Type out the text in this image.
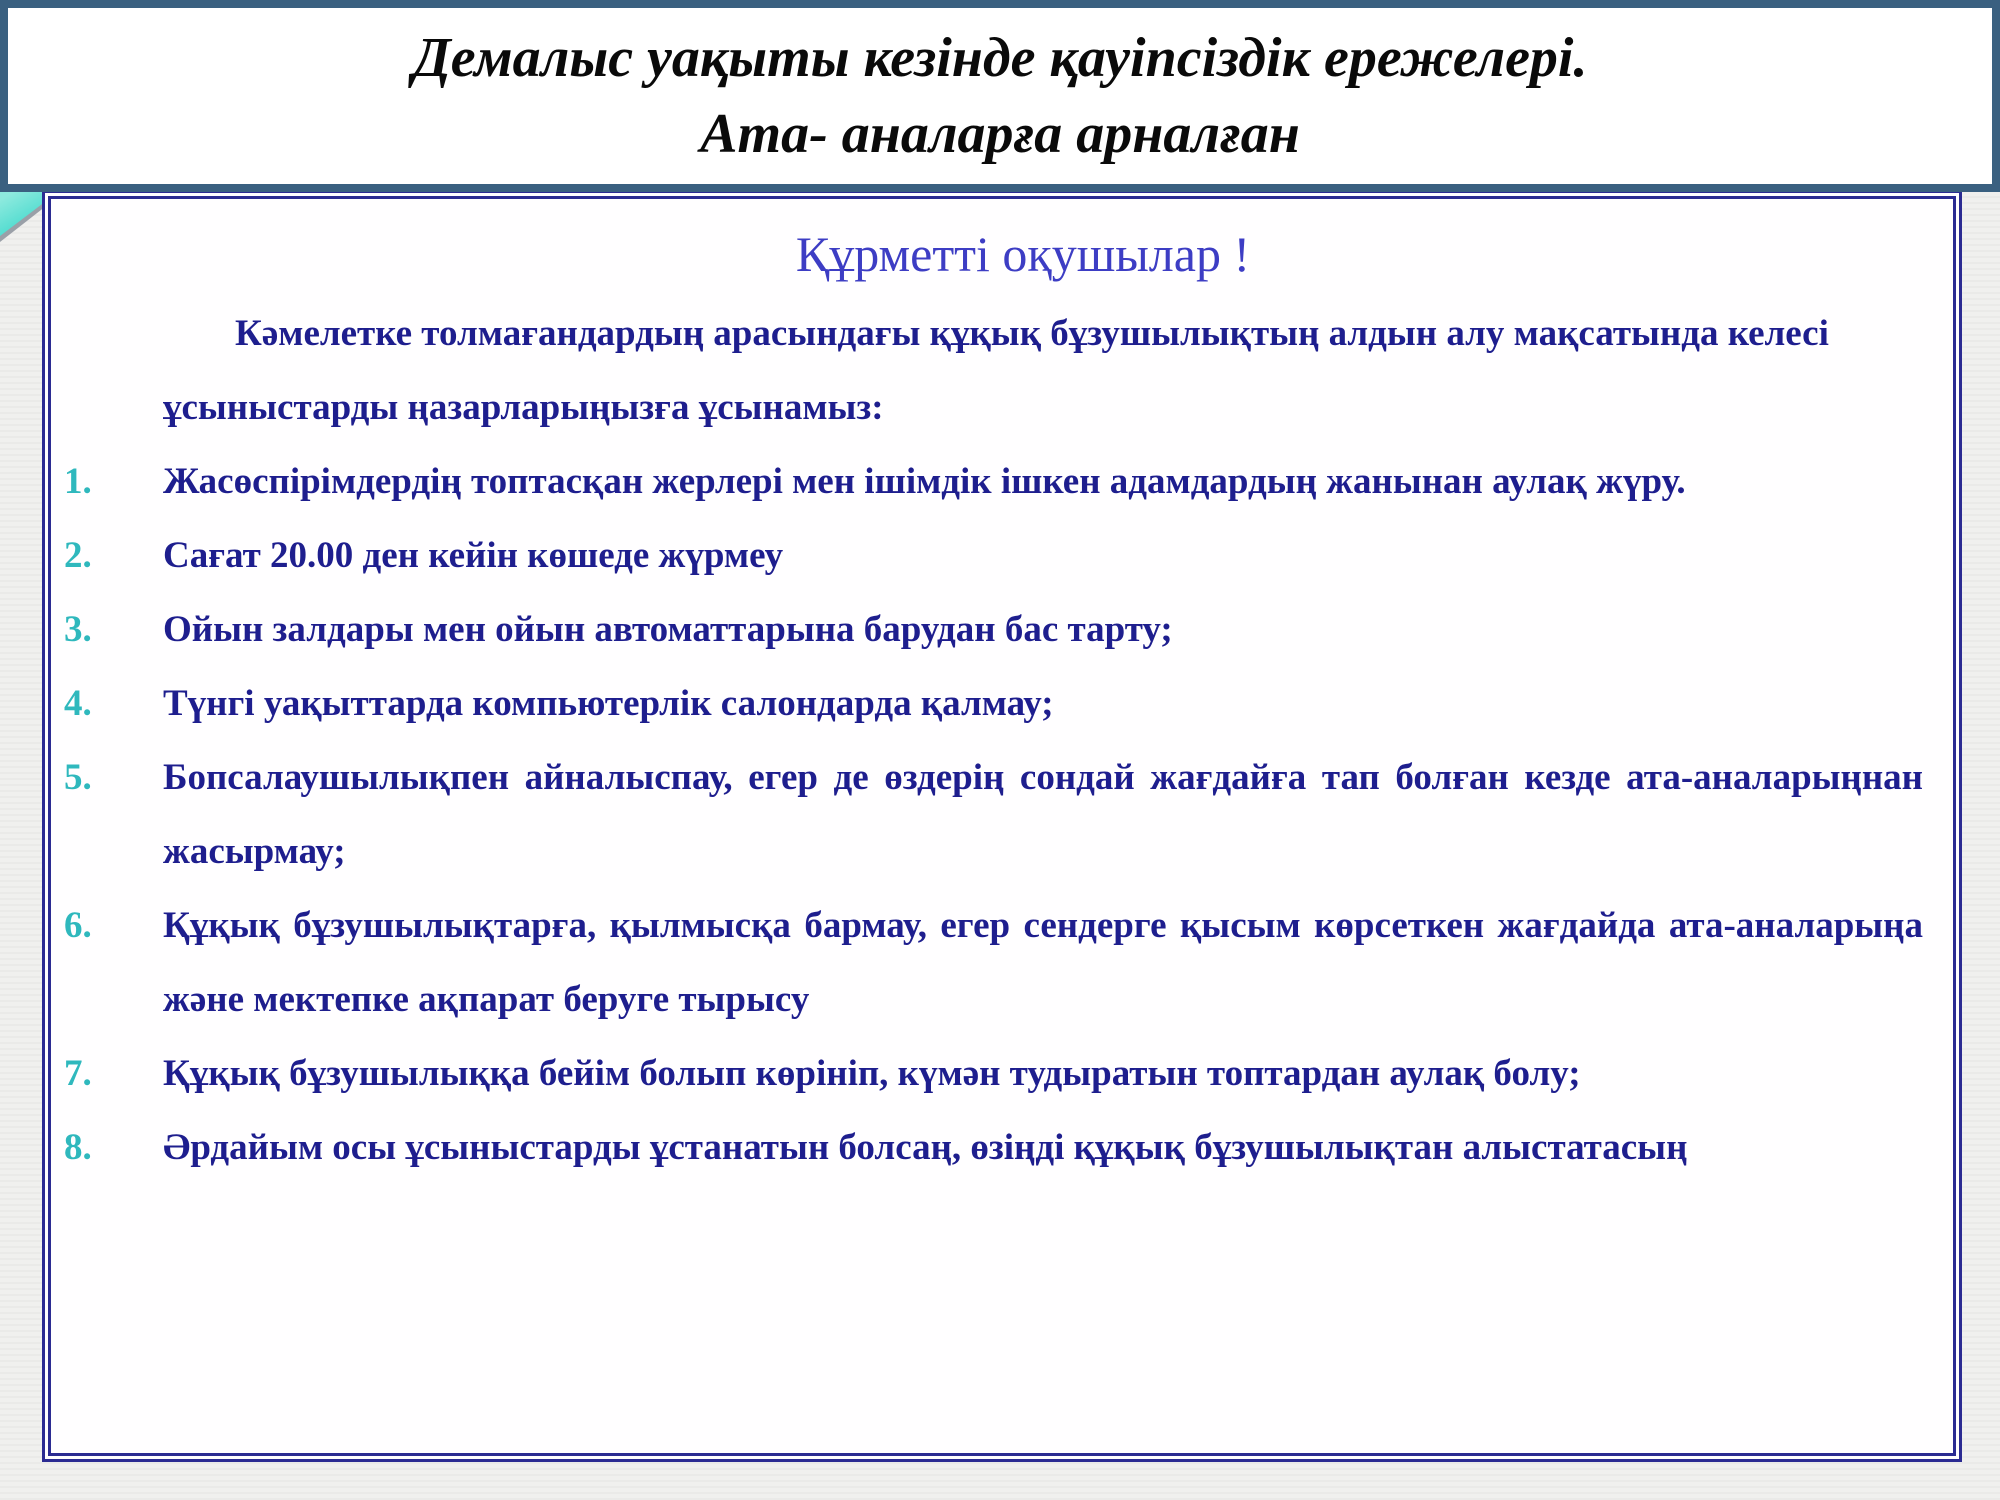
Демалыс уақыты кезінде қауіпсіздік ережелері.
Ата- аналарға арналған
Құрметті оқушылар !

Кәмелетке толмағандардың арасындағы құқық бұзушылықтың алдын алу мақсатында келесі ұсыныстарды ңазарларыңызға ұсынамыз:

1.	Жасөспірімдердің топтасқан жерлері мен ішімдік ішкен адамдардың жанынан аулақ жүру.
2.	Сағат 20.00 ден кейін көшеде жүрмеу
3.	Ойын залдары мен ойын автоматтарына барудан бас тарту;
4.	Түнгі уақыттарда компьютерлік салондарда қалмау;
5.	Бопсалаушылықпен айналыспау, егер де өздерің сондай жағдайға тап болған кезде ата-аналарыңнан жасырмау;
6.	Құқық бұзушылықтарға, қылмысқа бармау, егер сендерге қысым көрсеткен жағдайда ата-аналарыңа және мектепке ақпарат беруге тырысу
7.	Құқық бұзушылыққа бейім болып көрініп, күмән тудыратын топтардан аулақ болу;
8.	Әрдайым осы ұсыныстарды ұстанатын болсаң, өзіңді құқық бұзушылықтан алыстатасың
